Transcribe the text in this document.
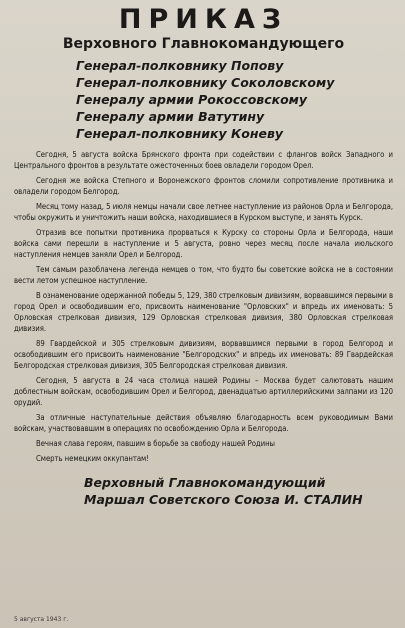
ПРИКАЗ
Верховного Главнокомандующего
Генерал-полковнику Попову
Генерал-полковнику Соколовскому
Генералу армии Рокоссовскому
Генералу армии Ватутину
Генерал-полковнику Коневу

Сегодня, 5 августа войска Брянского фронта при содействии с флангов войск Западного и Центрального фронтов в результате ожесточенных боев овладели городом Орел.

Сегодня же войска Степного и Воронежского фронтов сломили сопротивление противника и овладели городом Белгород.

Месяц тому назад, 5 июля немцы начали свое летнее наступление из районов Орла и Белгорода, чтобы окружить и уничтожить наши войска, находившиеся в Курском выступе, и занять Курск.

Отразив все попытки противника прорваться к Курску со стороны Орла и Белгорода, наши войска сами перешли в наступление и 5 августа, ровно через месяц после начала июльского наступления немцев заняли Орел и Белгород.

Тем самым разоблачена легенда немцев о том, что будто бы советские войска не в состоянии вести летом успешное наступление.

В ознаменование одержанной победы 5, 129, 380 стрелковым дивизиям, ворвавшимся первыми в город Орел и освободившим его, присвоить наименование "Орловских" и впредь их именовать: 5 Орловская стрелковая дивизия, 129 Орловская стрелковая дивизия, 380 Орловская стрелковая дивизия.

89 Гвардейской и 305 стрелковым дивизиям, ворвавшимся первыми в город Белгород и освободившим его присвоить наименование "Белгородских" и впредь их именовать: 89 Гвардейская Белгородская стрелковая дивизия, 305 Белгородская стрелковая дивизия.

Сегодня, 5 августа в 24 часа столица нашей Родины – Москва будет салютовать нашим доблестным войскам, освободившим Орел и Белгород, двенадцатью артиллерийскими залпами из 120 орудий.

За отличные наступательные действия объявляю благодарность всем руководимым Вами войскам, участвовавшим в операциях по освобождению Орла и Белгорода.

Вечная слава героям, павшим в борьбе за свободу нашей Родины

Смерть немецким оккупантам!

Верховный Главнокомандующий
Маршал Советского Союза И. СТАЛИН
5 августа 1943 г.
